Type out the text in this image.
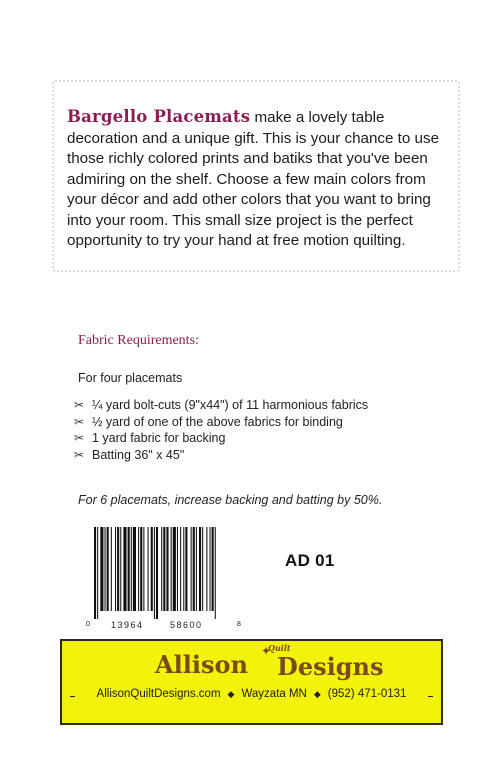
Bargello Placemats make a lovely table decoration and a unique gift. This is your chance to use those richly colored prints and batiks that you've been admiring on the shelf. Choose a few main colors from your décor and add other colors that you want to bring into your room. This small size project is the perfect opportunity to try your hand at free motion quilting.
Fabric Requirements:
For four placemats
✂ ¼ yard bolt-cuts (9"x44") of 11 harmonious fabrics
✂ ½ yard of one of the above fabrics for binding
✂ 1 yard fabric for backing
✂ Batting 36" x 45"
For 6 placemats, increase backing and batting by 50%.
0 13964	58600	8
AD 01
Quilt
Allison ✦
Designs
AllisonQuiltDesigns.com ◆ Wayzata MN ◆ (952) 471-0131
